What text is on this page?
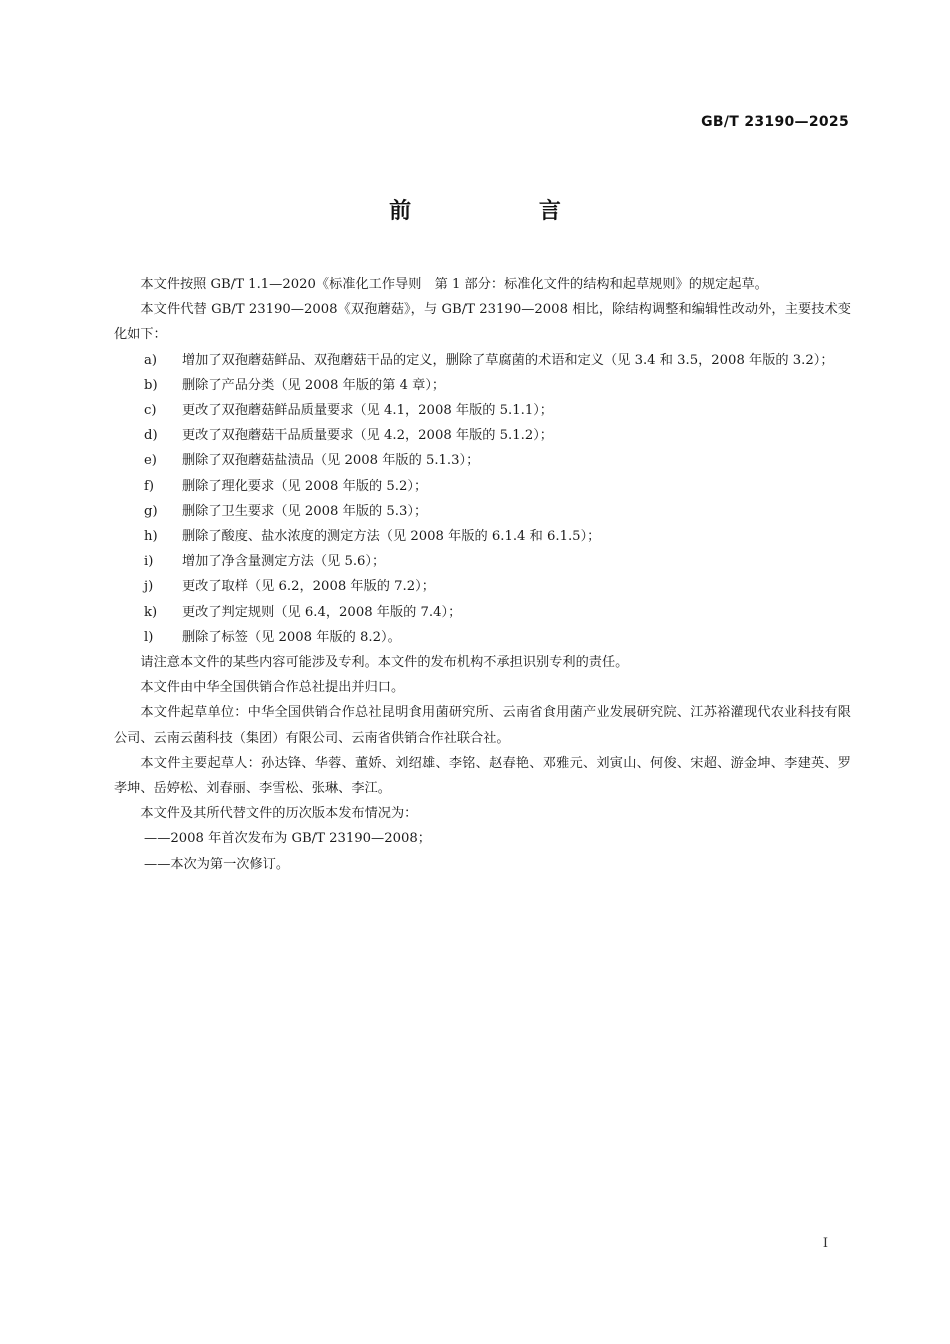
GB/T 23190—2025
前 言

本文件按照 GB/T 1.1—2020《标准化工作导则　第 1 部分：标准化文件的结构和起草规则》的规定起草。

本文件代替 GB/T 23190—2008《双孢蘑菇》，与 GB/T 23190—2008 相比，除结构调整和编辑性改动外，主要技术变化如下：

a)	增加了双孢蘑菇鲜品、双孢蘑菇干品的定义，删除了草腐菌的术语和定义（见 3.4 和 3.5，2008 年版的 3.2）；
b)	删除了产品分类（见 2008 年版的第 4 章）；
c)	更改了双孢蘑菇鲜品质量要求（见 4.1，2008 年版的 5.1.1）；
d)	更改了双孢蘑菇干品质量要求（见 4.2，2008 年版的 5.1.2）；
e)	删除了双孢蘑菇盐渍品（见 2008 年版的 5.1.3）；
f)	删除了理化要求（见 2008 年版的 5.2）；
g)	删除了卫生要求（见 2008 年版的 5.3）；
h)	删除了酸度、盐水浓度的测定方法（见 2008 年版的 6.1.4 和 6.1.5）；
i)	增加了净含量测定方法（见 5.6）；
j)	更改了取样（见 6.2，2008 年版的 7.2）；
k)	更改了判定规则（见 6.4，2008 年版的 7.4）；
l)	删除了标签（见 2008 年版的 8.2）。

请注意本文件的某些内容可能涉及专利。本文件的发布机构不承担识别专利的责任。

本文件由中华全国供销合作总社提出并归口。

本文件起草单位：中华全国供销合作总社昆明食用菌研究所、云南省食用菌产业发展研究院、江苏裕灌现代农业科技有限公司、云南云菌科技（集团）有限公司、云南省供销合作社联合社。

本文件主要起草人：孙达锋、华蓉、董娇、刘绍雄、李铭、赵春艳、邓雅元、刘寅山、何俊、宋超、游金坤、李建英、罗孝坤、岳婷松、刘春丽、李雪松、张琳、李江。

本文件及其所代替文件的历次版本发布情况为：

——2008 年首次发布为 GB/T 23190—2008；
——本次为第一次修订。
I
